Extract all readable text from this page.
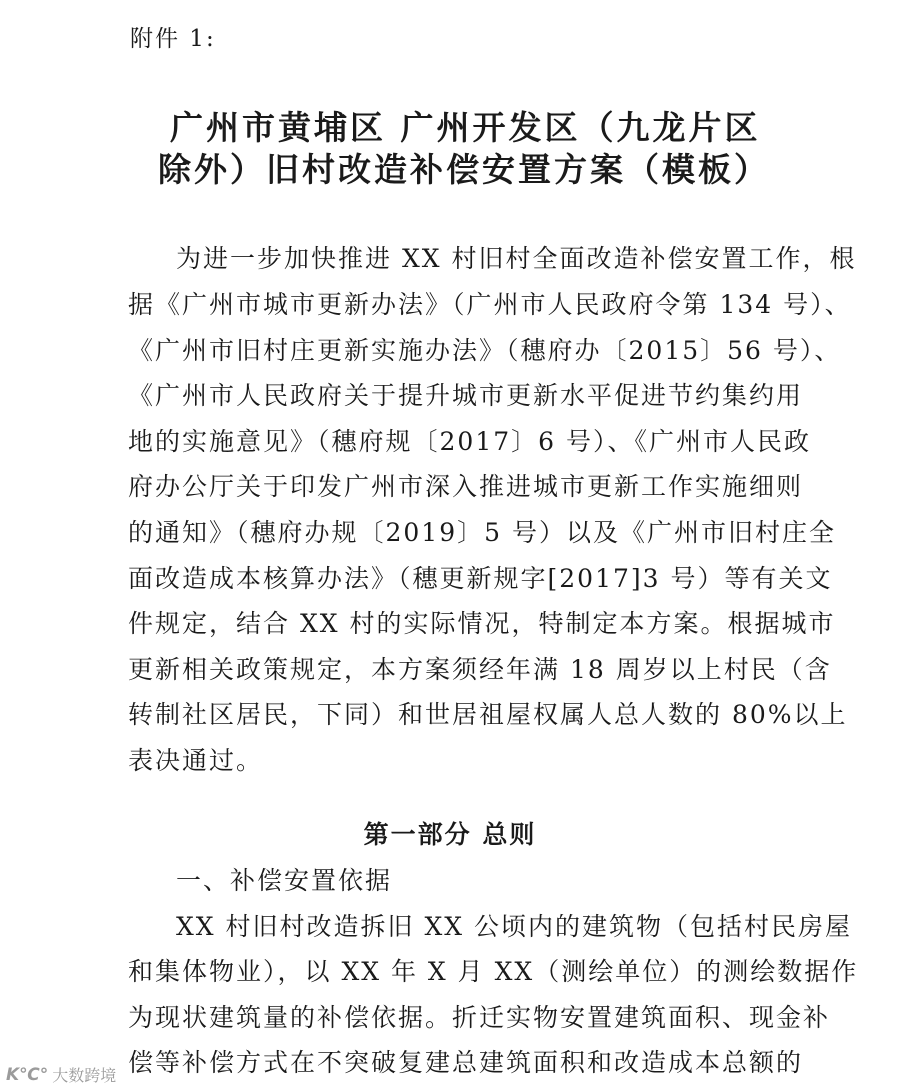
附件 1:
广州市黄埔区 广州开发区（九龙片区
除外）旧村改造补偿安置方案（模板）
为进一步加快推进 XX 村旧村全面改造补偿安置工作，根
据《广州市城市更新办法》（广州市人民政府令第 134 号）、
《广州市旧村庄更新实施办法》（穗府办〔2015〕56 号）、
《广州市人民政府关于提升城市更新水平促进节约集约用
地的实施意见》（穗府规〔2017〕6 号）、《广州市人民政
府办公厅关于印发广州市深入推进城市更新工作实施细则
的通知》（穗府办规〔2019〕5 号）以及《广州市旧村庄全
面改造成本核算办法》（穗更新规字[2017]3 号）等有关文
件规定，结合 XX 村的实际情况，特制定本方案。根据城市
更新相关政策规定，本方案须经年满 18 周岁以上村民（含
转制社区居民，下同）和世居祖屋权属人总人数的 80%以上
表决通过。
第一部分 总则
一、补偿安置依据
XX 村旧村改造拆旧 XX 公顷内的建筑物（包括村民房屋
和集体物业），以 XX 年 X 月 XX（测绘单位）的测绘数据作
为现状建筑量的补偿依据。折迁实物安置建筑面积、现金补
偿等补偿方式在不突破复建总建筑面积和改造成本总额的
K℃° 大数跨境
